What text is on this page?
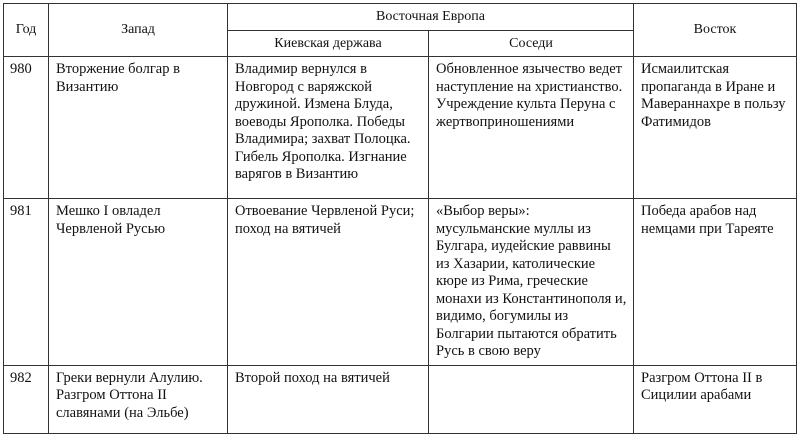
Год	Запад	Восточная Европа		Восток
		Киевская держава	Соседи	
980	Вторжение болгар в Византию	Владимир вернулся в Новгород с варяжской дружиной. Измена Блуда, воеводы Ярополка. Победы Владимира; захват Полоцка. Гибель Ярополка. Изгнание варягов в Византию	Обновленное язычество ведет наступление на христианство. Учреждение культа Перуна с жертвоприношениями	Исмаилитская пропаганда в Иране и Мавераннахре в пользу Фатимидов
981	Мешко I овладел Червленой Русью	Отвоевание Червленой Руси; поход на вятичей	«Выбор веры»: мусульманские муллы из Булгара, иудейские раввины из Хазарии, католические кюре из Рима, греческие монахи из Константинополя и, видимо, богумилы из Болгарии пытаются обратить Русь в свою веру	Победа арабов над немцами при Тареяте
982	Греки вернули Алулию. Разгром Оттона II славянами (на Эльбе)	Второй поход на вятичей		Разгром Оттона II в Сицилии арабами
